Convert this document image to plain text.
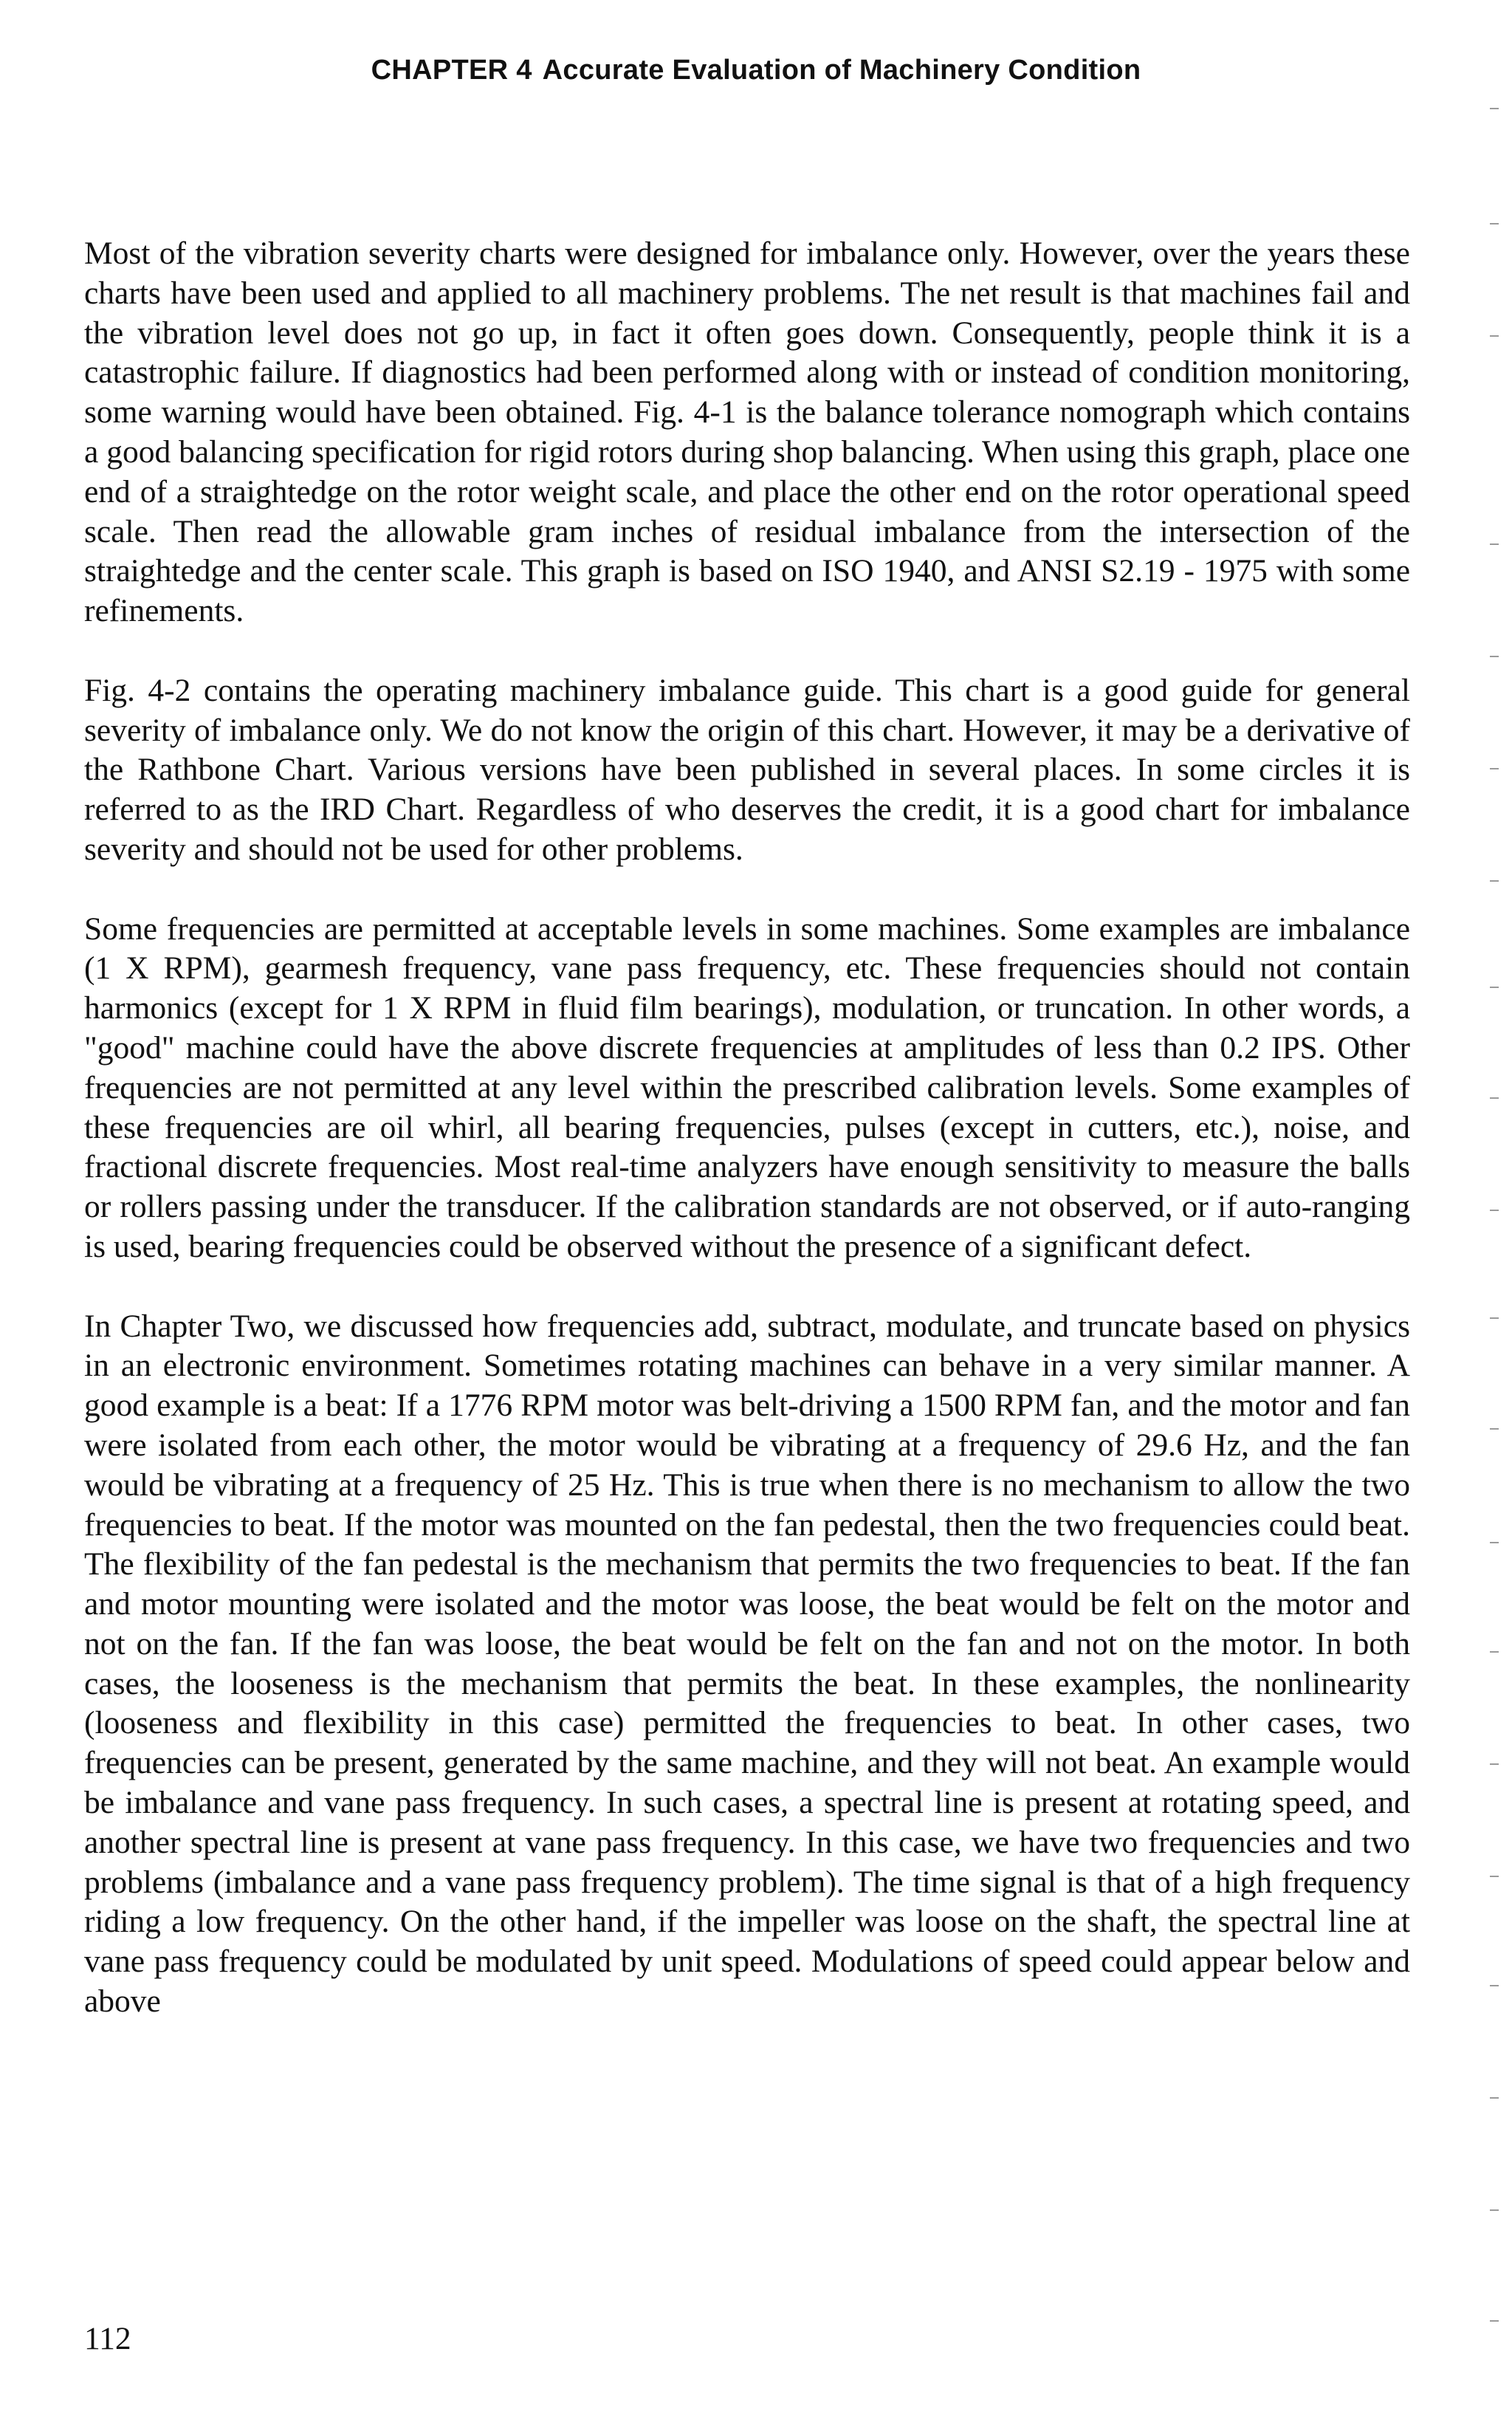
CHAPTER 4 Accurate Evaluation of Machinery Condition

Most of the vibration severity charts were designed for imbalance only. However, over the years these charts have been used and applied to all machinery problems. The net result is that machines fail and the vibration level does not go up, in fact it often goes down. Consequently, people think it is a catastrophic failure. If diagnostics had been performed along with or instead of condition monitoring, some warning would have been obtained. Fig. 4-1 is the balance tolerance nomograph which contains a good balancing specification for rigid rotors during shop balancing. When using this graph, place one end of a straightedge on the rotor weight scale, and place the other end on the rotor operational speed scale. Then read the allowable gram inches of residual imbalance from the intersection of the straightedge and the center scale. This graph is based on ISO 1940, and ANSI S2.19 - 1975 with some refinements.

Fig. 4-2 contains the operating machinery imbalance guide. This chart is a good guide for general severity of imbalance only. We do not know the origin of this chart. However, it may be a derivative of the Rathbone Chart. Various versions have been published in several places. In some circles it is referred to as the IRD Chart. Regardless of who deserves the credit, it is a good chart for imbalance severity and should not be used for other problems.

Some frequencies are permitted at acceptable levels in some machines. Some examples are imbalance (1 X RPM), gearmesh frequency, vane pass frequency, etc. These frequencies should not contain harmonics (except for 1 X RPM in fluid film bearings), modulation, or truncation. In other words, a "good" machine could have the above discrete frequencies at amplitudes of less than 0.2 IPS. Other frequencies are not permitted at any level within the prescribed calibration levels. Some examples of these frequencies are oil whirl, all bearing frequencies, pulses (except in cutters, etc.), noise, and fractional discrete frequencies. Most real-time analyzers have enough sensitivity to measure the balls or rollers passing under the transducer. If the calibration standards are not observed, or if auto-ranging is used, bearing frequencies could be observed without the presence of a significant defect.

In Chapter Two, we discussed how frequencies add, subtract, modulate, and truncate based on physics in an electronic environment. Sometimes rotating machines can behave in a very similar manner. A good example is a beat: If a 1776 RPM motor was belt-driving a 1500 RPM fan, and the motor and fan were isolated from each other, the motor would be vibrating at a frequency of 29.6 Hz, and the fan would be vibrating at a frequency of 25 Hz. This is true when there is no mechanism to allow the two frequencies to beat. If the motor was mounted on the fan pedestal, then the two frequencies could beat. The flexibility of the fan pedestal is the mechanism that permits the two frequencies to beat. If the fan and motor mounting were isolated and the motor was loose, the beat would be felt on the motor and not on the fan. If the fan was loose, the beat would be felt on the fan and not on the motor. In both cases, the looseness is the mechanism that permits the beat. In these examples, the nonlinearity (looseness and flexibility in this case) permitted the frequencies to beat. In other cases, two frequencies can be present, generated by the same machine, and they will not beat. An example would be imbalance and vane pass frequency. In such cases, a spectral line is present at rotating speed, and another spectral line is present at vane pass frequency. In this case, we have two frequencies and two problems (imbalance and a vane pass frequency problem). The time signal is that of a high frequency riding a low frequency. On the other hand, if the impeller was loose on the shaft, the spectral line at vane pass frequency could be modulated by unit speed. Modulations of speed could appear below and above

112
